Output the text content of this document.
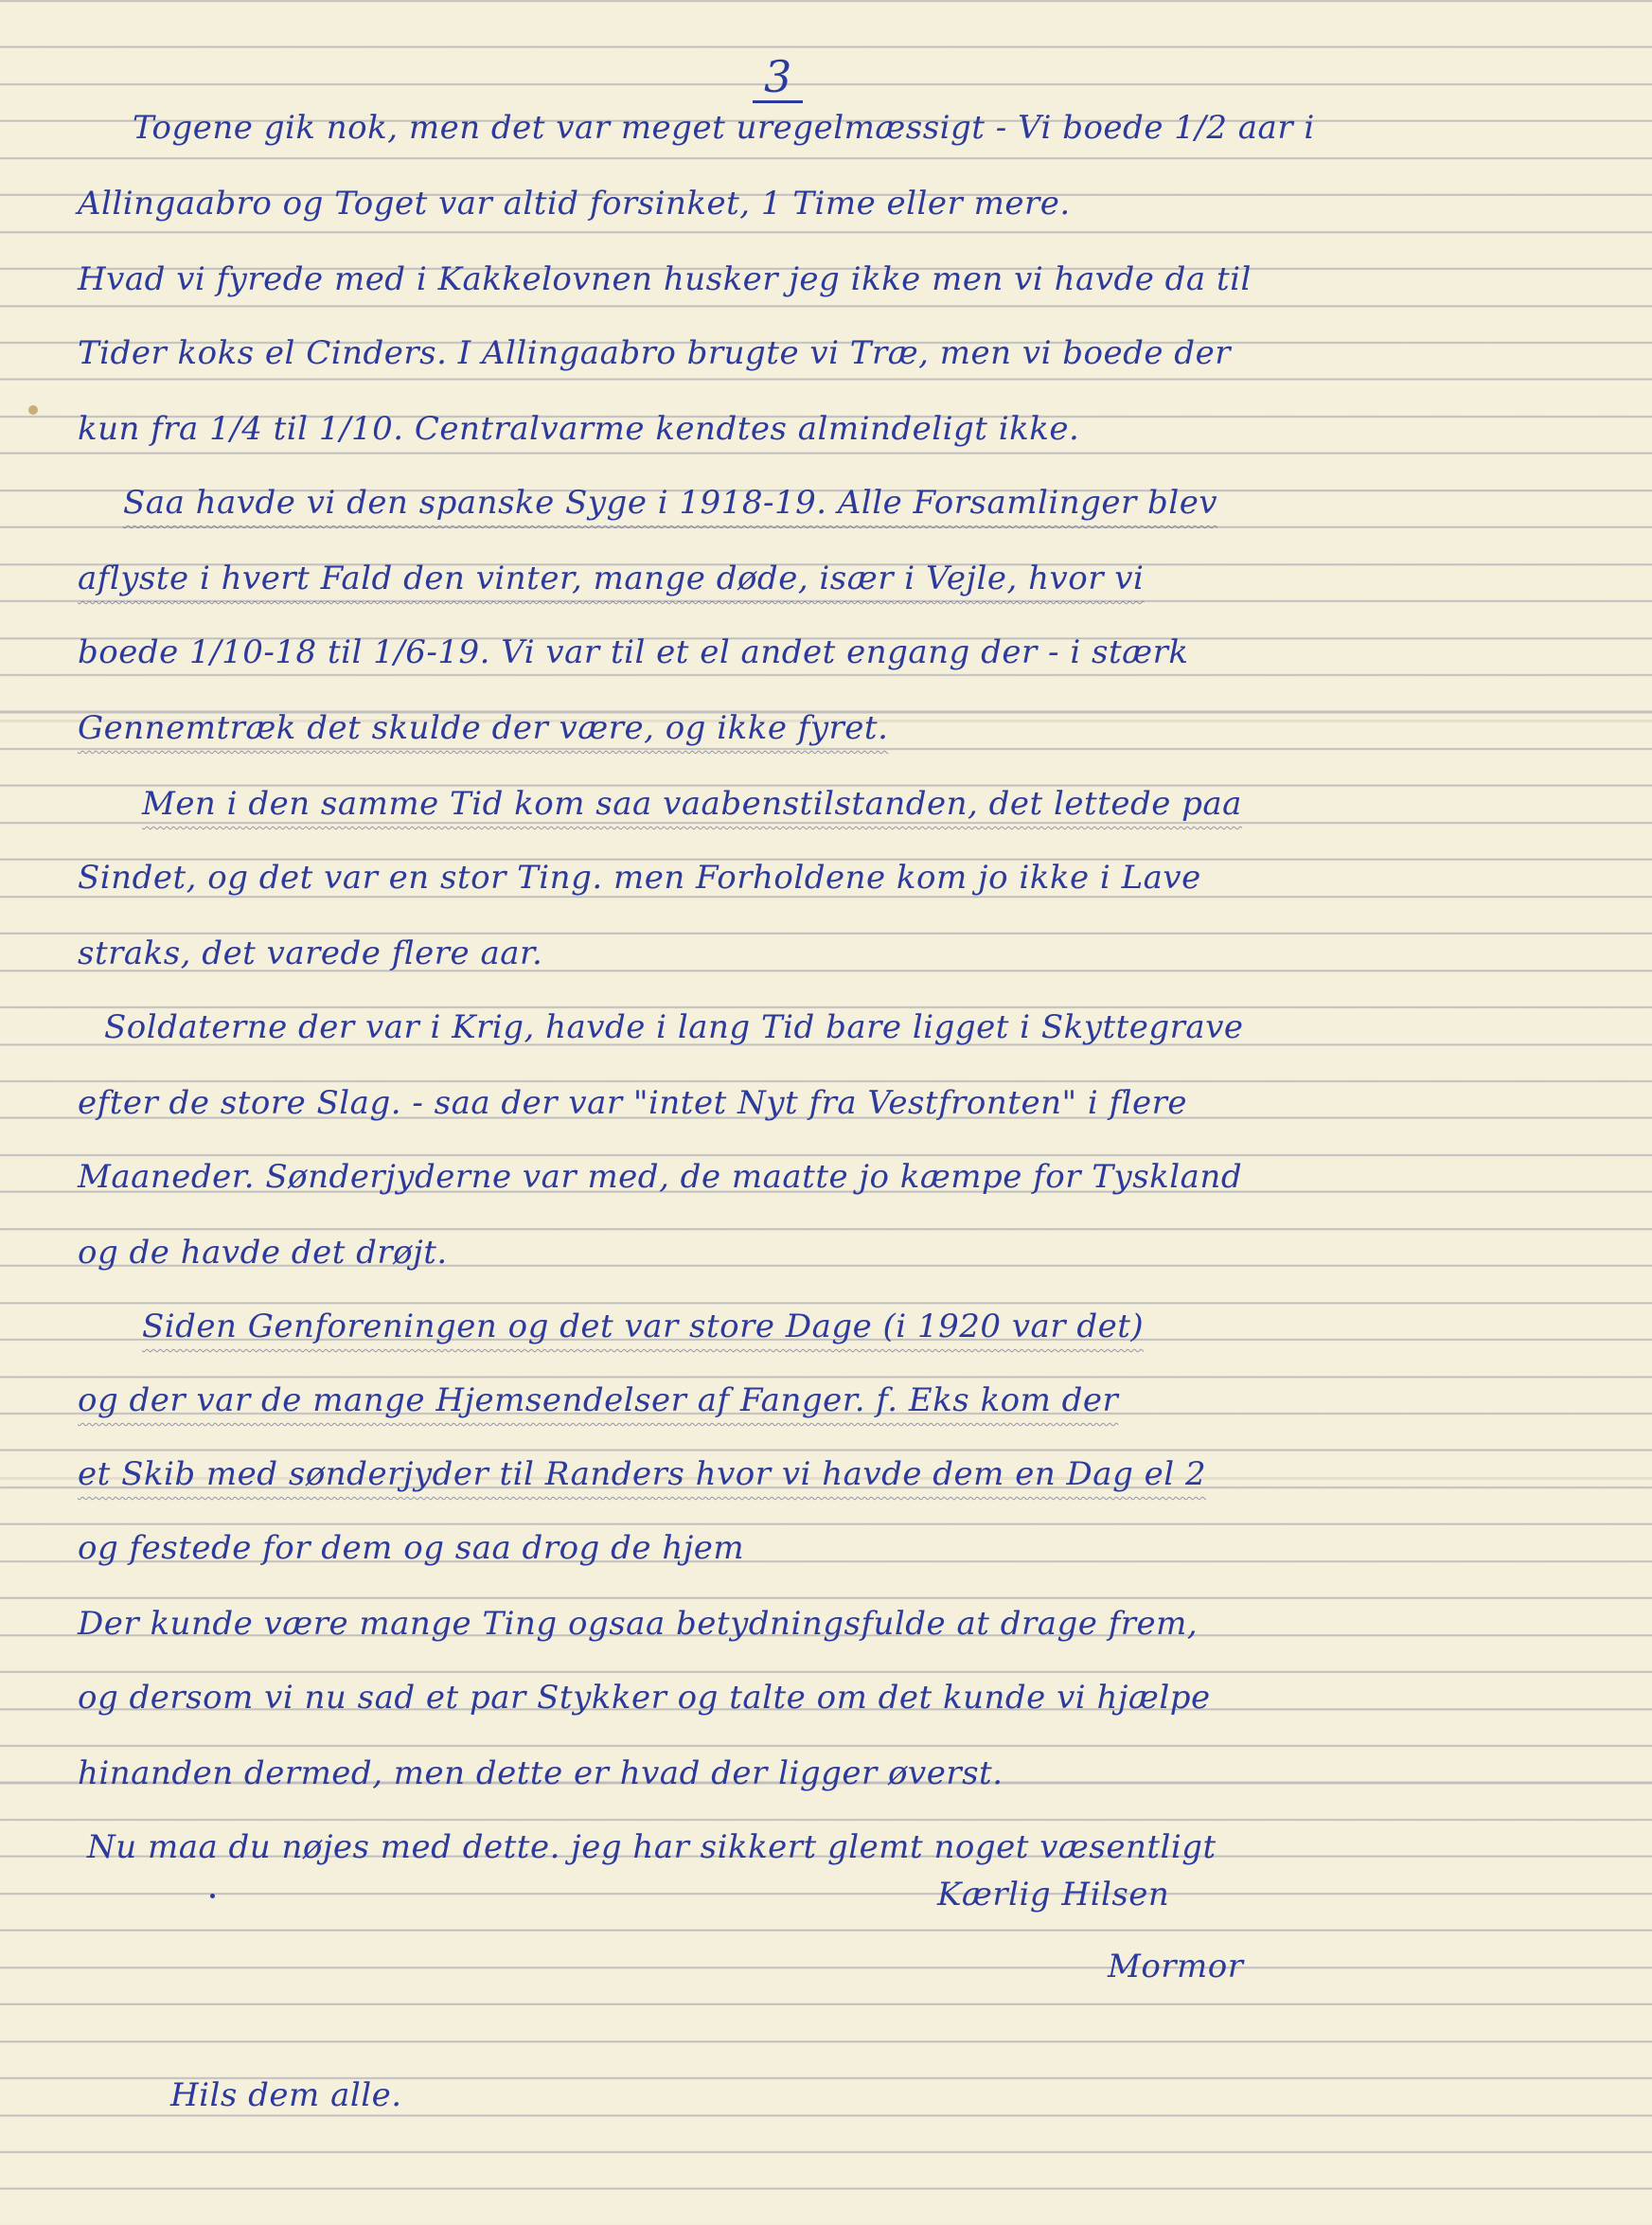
3
Togene gik nok, men det var meget uregelmæssigt - Vi boede 1/2 aar i
Allingaabro og Toget var altid forsinket, 1 Time eller mere.
Hvad vi fyrede med i Kakkelovnen husker jeg ikke men vi havde da til
Tider koks el Cinders. I Allingaabro brugte vi Træ, men vi boede der
kun fra 1/4 til 1/10. Centralvarme kendtes almindeligt ikke.
Saa havde vi den spanske Syge i 1918-19. Alle Forsamlinger blev
aflyste i hvert Fald den vinter, mange døde, især i Vejle, hvor vi
boede 1/10-18 til 1/6-19. Vi var til et el andet engang der - i stærk
Gennemtræk det skulde der være, og ikke fyret.
Men i den samme Tid kom saa vaabenstilstanden, det lettede paa
Sindet, og det var en stor Ting. men Forholdene kom jo ikke i Lave
straks, det varede flere aar.
Soldaterne der var i Krig, havde i lang Tid bare ligget i Skyttegrave
efter de store Slag. - saa der var "intet Nyt fra Vestfronten" i flere
Maaneder. Sønderjyderne var med, de maatte jo kæmpe for Tyskland
og de havde det drøjt.
Siden Genforeningen og det var store Dage (i 1920 var det)
og der var de mange Hjemsendelser af Fanger. f. Eks kom der
et Skib med sønderjyder til Randers hvor vi havde dem en Dag el 2
og festede for dem og saa drog de hjem
Der kunde være mange Ting ogsaa betydningsfulde at drage frem,
og dersom vi nu sad et par Stykker og talte om det kunde vi hjælpe
hinanden dermed, men dette er hvad der ligger øverst.
Nu maa du nøjes med dette. jeg har sikkert glemt noget væsentligt
Kærlig Hilsen
Mormor
Hils dem alle.
